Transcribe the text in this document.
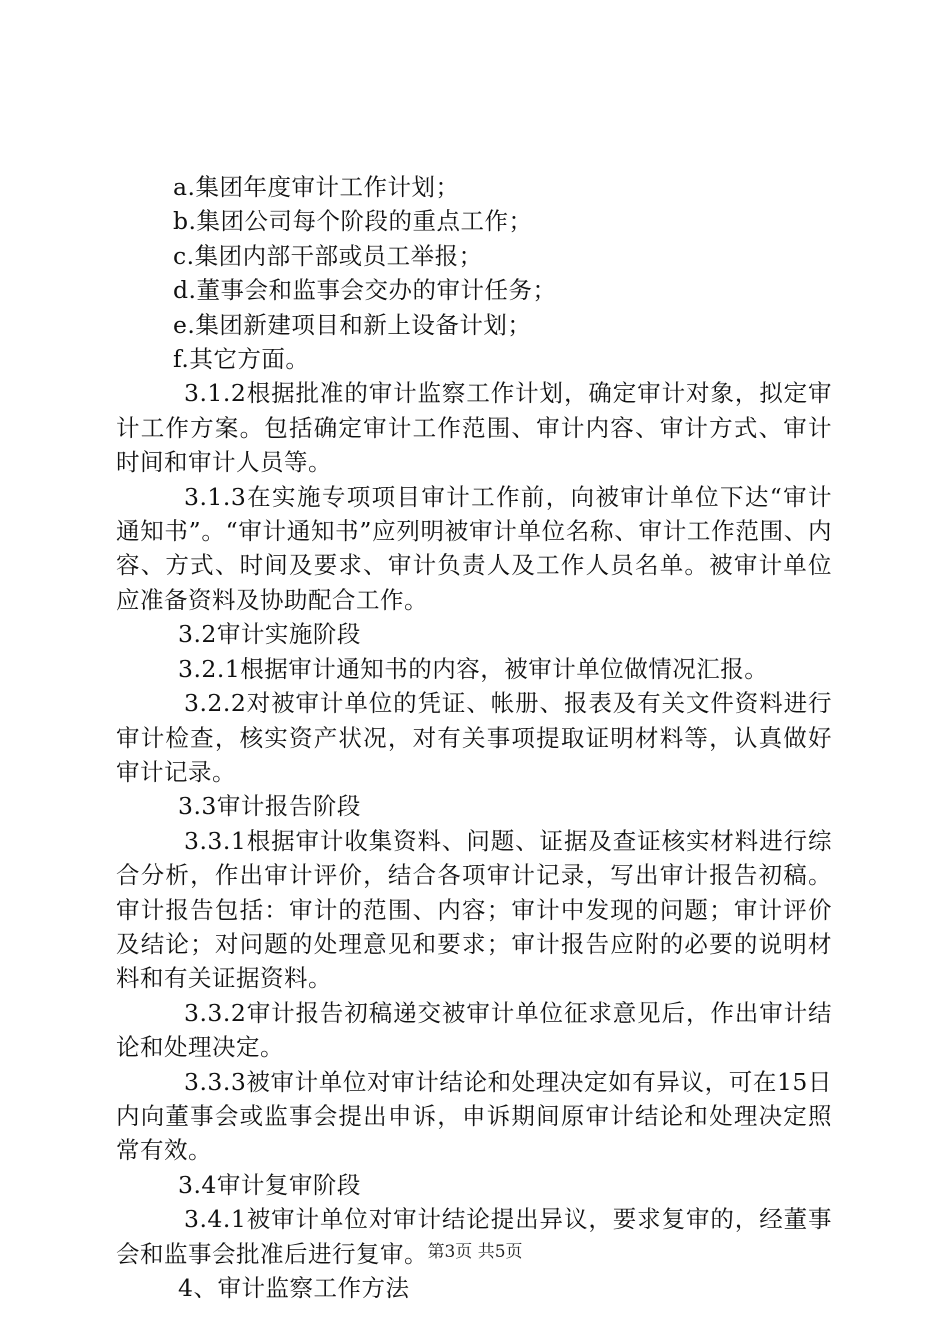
a.集团年度审计工作计划；

b.集团公司每个阶段的重点工作；

c.集团内部干部或员工举报；

d.董事会和监事会交办的审计任务；

e.集团新建项目和新上设备计划；

f.其它方面。

3.1.2根据批准的审计监察工作计划，确定审计对象，拟定审计工作方案。包括确定审计工作范围、审计内容、审计方式、审计时间和审计人员等。

3.1.3在实施专项项目审计工作前，向被审计单位下达“审计通知书”。“审计通知书”应列明被审计单位名称、审计工作范围、内容、方式、时间及要求、审计负责人及工作人员名单。被审计单位应准备资料及协助配合工作。

3.2审计实施阶段

3.2.1根据审计通知书的内容，被审计单位做情况汇报。

3.2.2对被审计单位的凭证、帐册、报表及有关文件资料进行审计检查，核实资产状况，对有关事项提取证明材料等，认真做好审计记录。

3.3审计报告阶段

3.3.1根据审计收集资料、问题、证据及查证核实材料进行综合分析，作出审计评价，结合各项审计记录，写出审计报告初稿。审计报告包括：审计的范围、内容；审计中发现的问题；审计评价及结论；对问题的处理意见和要求；审计报告应附的必要的说明材料和有关证据资料。

3.3.2审计报告初稿递交被审计单位征求意见后，作出审计结论和处理决定。

3.3.3被审计单位对审计结论和处理决定如有异议，可在15日内向董事会或监事会提出申诉，申诉期间原审计结论和处理决定照常有效。

3.4审计复审阶段

3.4.1被审计单位对审计结论提出异议，要求复审的，经董事会和监事会批准后进行复审。

4、审计监察工作方法

第3页 共5页
